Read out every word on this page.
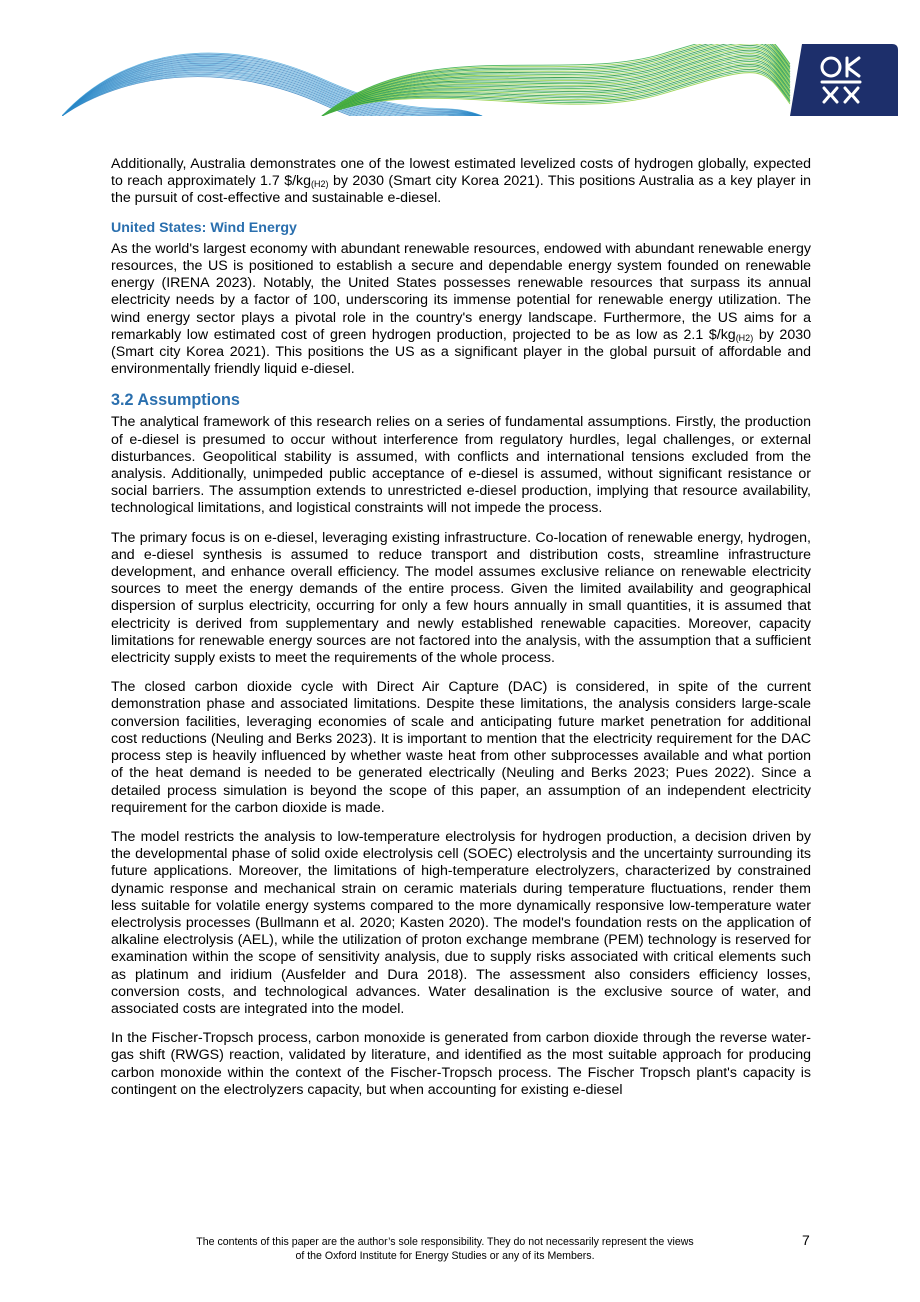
Additionally, Australia demonstrates one of the lowest estimated levelized costs of hydrogen globally, expected to reach approximately 1.7 $\$/kg_{(H2)}$ by 2030 (Smart city Korea 2021). This positions Australia as a key player in the pursuit of cost-effective and sustainable e-diesel.

United States: Wind Energy

As the world's largest economy with abundant renewable resources, endowed with abundant renewable energy resources, the US is positioned to establish a secure and dependable energy system founded on renewable energy (IRENA 2023). Notably, the United States possesses renewable resources that surpass its annual electricity needs by a factor of 100, underscoring its immense potential for renewable energy utilization. The wind energy sector plays a pivotal role in the country's energy landscape. Furthermore, the US aims for a remarkably low estimated cost of green hydrogen production, projected to be as low as 2.1 $\$/kg_{(H2)}$ by 2030 (Smart city Korea 2021). This positions the US as a significant player in the global pursuit of affordable and environmentally friendly liquid e-diesel.

3.2 Assumptions

The analytical framework of this research relies on a series of fundamental assumptions. Firstly, the production of e-diesel is presumed to occur without interference from regulatory hurdles, legal challenges, or external disturbances. Geopolitical stability is assumed, with conflicts and international tensions excluded from the analysis. Additionally, unimpeded public acceptance of e-diesel is assumed, without significant resistance or social barriers. The assumption extends to unrestricted e-diesel production, implying that resource availability, technological limitations, and logistical constraints will not impede the process.

The primary focus is on e-diesel, leveraging existing infrastructure. Co-location of renewable energy, hydrogen, and e-diesel synthesis is assumed to reduce transport and distribution costs, streamline infrastructure development, and enhance overall efficiency. The model assumes exclusive reliance on renewable electricity sources to meet the energy demands of the entire process. Given the limited availability and geographical dispersion of surplus electricity, occurring for only a few hours annually in small quantities, it is assumed that electricity is derived from supplementary and newly established renewable capacities. Moreover, capacity limitations for renewable energy sources are not factored into the analysis, with the assumption that a sufficient electricity supply exists to meet the requirements of the whole process.

The closed carbon dioxide cycle with Direct Air Capture (DAC) is considered, in spite of the current demonstration phase and associated limitations. Despite these limitations, the analysis considers large-scale conversion facilities, leveraging economies of scale and anticipating future market penetration for additional cost reductions (Neuling and Berks 2023). It is important to mention that the electricity requirement for the DAC process step is heavily influenced by whether waste heat from other subprocesses available and what portion of the heat demand is needed to be generated electrically (Neuling and Berks 2023; Pues 2022). Since a detailed process simulation is beyond the scope of this paper, an assumption of an independent electricity requirement for the carbon dioxide is made.

The model restricts the analysis to low-temperature electrolysis for hydrogen production, a decision driven by the developmental phase of solid oxide electrolysis cell (SOEC) electrolysis and the uncertainty surrounding its future applications. Moreover, the limitations of high-temperature electrolyzers, characterized by constrained dynamic response and mechanical strain on ceramic materials during temperature fluctuations, render them less suitable for volatile energy systems compared to the more dynamically responsive low-temperature water electrolysis processes (Bullmann et al. 2020; Kasten 2020). The model's foundation rests on the application of alkaline electrolysis (AEL), while the utilization of proton exchange membrane (PEM) technology is reserved for examination within the scope of sensitivity analysis, due to supply risks associated with critical elements such as platinum and iridium (Ausfelder and Dura 2018). The assessment also considers efficiency losses, conversion costs, and technological advances. Water desalination is the exclusive source of water, and associated costs are integrated into the model.

In the Fischer-Tropsch process, carbon monoxide is generated from carbon dioxide through the reverse water-gas shift (RWGS) reaction, validated by literature, and identified as the most suitable approach for producing carbon monoxide within the context of the Fischer-Tropsch process. The Fischer Tropsch plant's capacity is contingent on the electrolyzers capacity, but when accounting for existing e-diesel

The contents of this paper are the author’s sole responsibility. They do not necessarily represent the views
of the Oxford Institute for Energy Studies or any of its Members.
7
